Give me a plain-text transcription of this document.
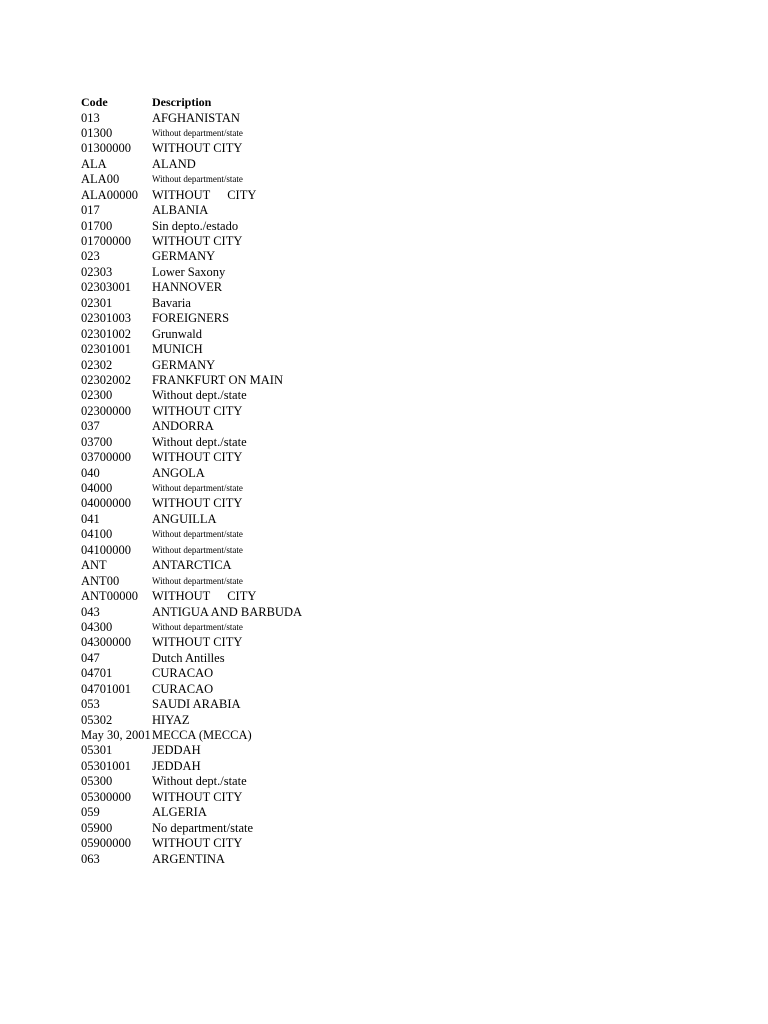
Code	Description
013	AFGHANISTAN
01300	Without department/state
01300000	WITHOUT CITY
ALA	ALAND
ALA00	Without department/state
ALA00000	WITHOUT CITY
017	ALBANIA
01700	Sin depto./estado
01700000	WITHOUT CITY
023	GERMANY
02303	Lower Saxony
02303001	HANNOVER
02301	Bavaria
02301003	FOREIGNERS
02301002	Grunwald
02301001	MUNICH
02302	GERMANY
02302002	FRANKFURT ON MAIN
02300	Without dept./state
02300000	WITHOUT CITY
037	ANDORRA
03700	Without dept./state
03700000	WITHOUT CITY
040	ANGOLA
04000	Without department/state
04000000	WITHOUT CITY
041	ANGUILLA
04100	Without department/state
04100000	Without department/state
ANT	ANTARCTICA
ANT00	Without department/state
ANT00000	WITHOUT CITY
043	ANTIGUA AND BARBUDA
04300	Without department/state
04300000	WITHOUT CITY
047	Dutch Antilles
04701	CURACAO
04701001	CURACAO
053	SAUDI ARABIA
05302	HIYAZ
May 30, 2001 MECCA (MECCA)
05301	JEDDAH
05301001	JEDDAH
05300	Without dept./state
05300000	WITHOUT CITY
059	ALGERIA
05900	No department/state
05900000	WITHOUT CITY
063	ARGENTINA
